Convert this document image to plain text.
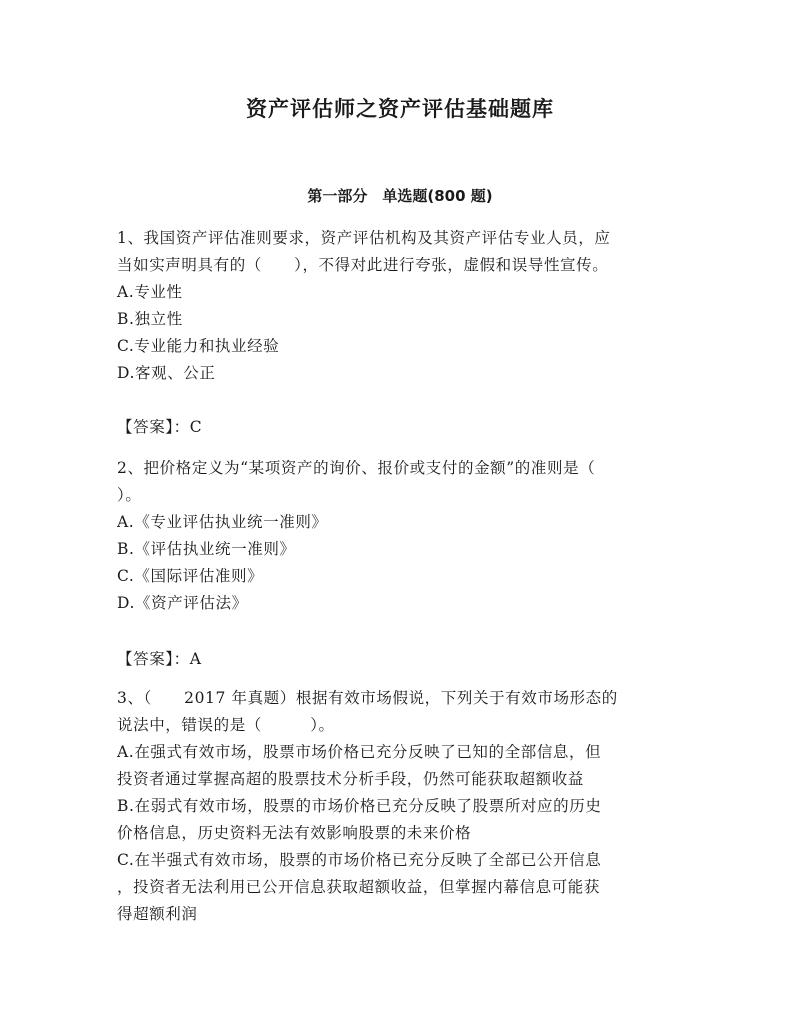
资产评估师之资产评估基础题库
第一部分　单选题(800 题)
1、我国资产评估准则要求，资产评估机构及其资产评估专业人员，应
当如实声明具有的（　　），不得对此进行夸张，虚假和误导性宣传。
A.专业性
B.独立性
C.专业能力和执业经验
D.客观、公正
【答案】：C
2、把价格定义为“某项资产的询价、报价或支付的金额”的准则是（
）。
A.《专业评估执业统一准则》
B.《评估执业统一准则》
C.《国际评估准则》
D.《资产评估法》
【答案】：A
3、（　　2017 年真题）根据有效市场假说，下列关于有效市场形态的
说法中，错误的是（　　　）。
A.在强式有效市场，股票市场价格已充分反映了已知的全部信息，但
投资者通过掌握高超的股票技术分析手段，仍然可能获取超额收益
B.在弱式有效市场，股票的市场价格已充分反映了股票所对应的历史
价格信息，历史资料无法有效影响股票的未来价格
C.在半强式有效市场，股票的市场价格已充分反映了全部已公开信息
，投资者无法利用已公开信息获取超额收益，但掌握内幕信息可能获
得超额利润
